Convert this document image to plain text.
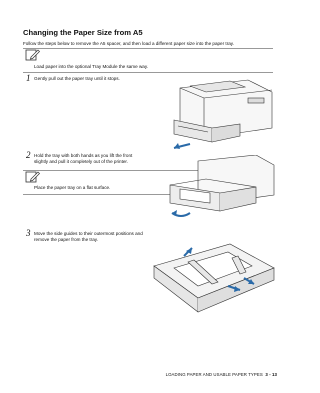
Changing the Paper Size from A5
Follow the steps below to remove the A5 spacer, and then load a different paper size into the paper tray.
Load paper into the optional Tray Module the same way.
1 Gently pull out the paper tray until it stops.
2 Hold the tray with both hands as you lift the front slightly and pull it completely out of the printer.
Place the paper tray on a flat surface.
3 Move the side guides to their outermost positions and remove the paper from the tray.
LOADING PAPER AND USABLE PAPER TYPES 3 - 13
